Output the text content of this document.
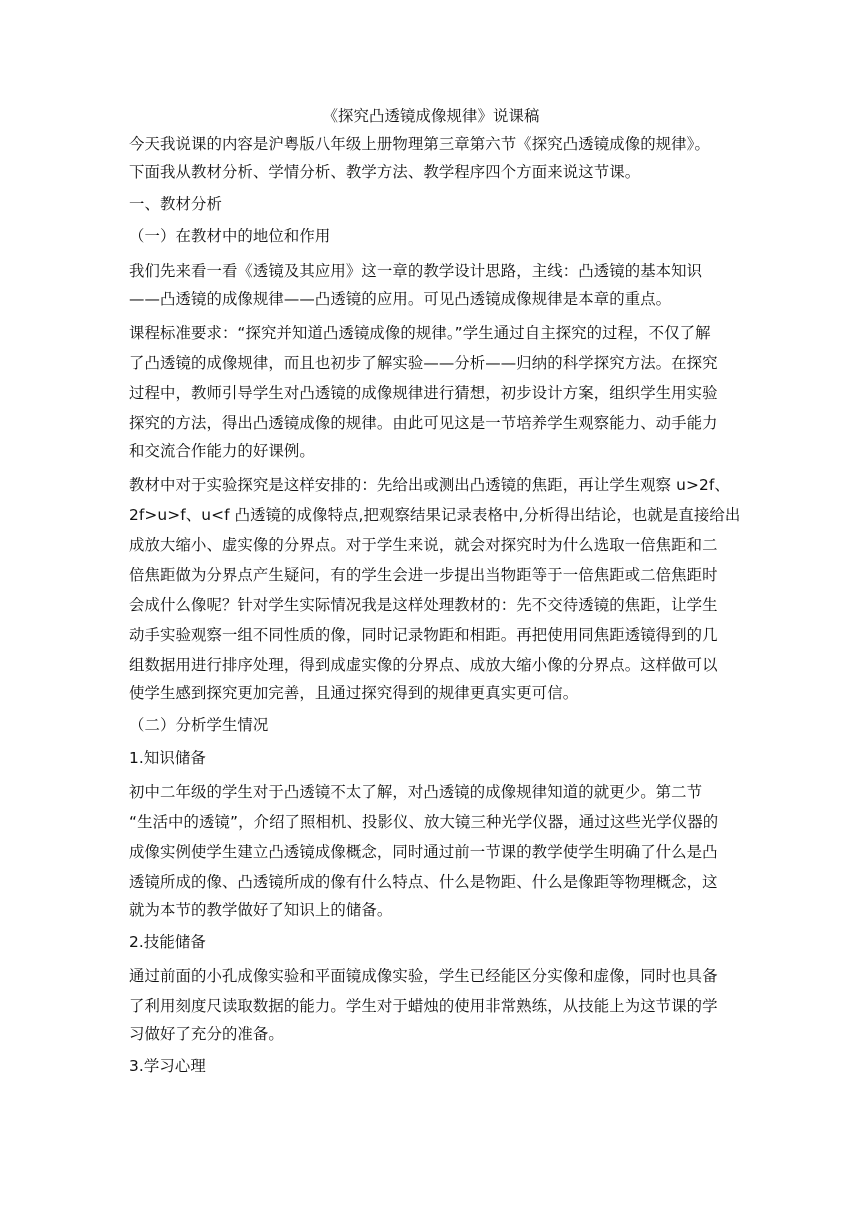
《探究凸透镜成像规律》说课稿
今天我说课的内容是沪粤版八年级上册物理第三章第六节《探究凸透镜成像的规律》。
下面我从教材分析、学情分析、教学方法、教学程序四个方面来说这节课。
一、教材分析
（一）在教材中的地位和作用
我们先来看一看《透镜及其应用》这一章的教学设计思路，主线：凸透镜的基本知识
——凸透镜的成像规律——凸透镜的应用。可见凸透镜成像规律是本章的重点。
课程标准要求：“探究并知道凸透镜成像的规律。”学生通过自主探究的过程，不仅了解
了凸透镜的成像规律，而且也初步了解实验——分析——归纳的科学探究方法。在探究
过程中，教师引导学生对凸透镜的成像规律进行猜想，初步设计方案，组织学生用实验
探究的方法，得出凸透镜成像的规律。由此可见这是一节培养学生观察能力、动手能力
和交流合作能力的好课例。
教材中对于实验探究是这样安排的：先给出或测出凸透镜的焦距，再让学生观察 u>2f、
2f>u>f、u<f 凸透镜的成像特点,把观察结果记录表格中,分析得出结论，也就是直接给出
成放大缩小、虚实像的分界点。对于学生来说，就会对探究时为什么选取一倍焦距和二
倍焦距做为分界点产生疑问，有的学生会进一步提出当物距等于一倍焦距或二倍焦距时
会成什么像呢？针对学生实际情况我是这样处理教材的：先不交待透镜的焦距，让学生
动手实验观察一组不同性质的像，同时记录物距和相距。再把使用同焦距透镜得到的几
组数据用进行排序处理，得到成虚实像的分界点、成放大缩小像的分界点。这样做可以
使学生感到探究更加完善，且通过探究得到的规律更真实更可信。
（二）分析学生情况
1.知识储备
初中二年级的学生对于凸透镜不太了解，对凸透镜的成像规律知道的就更少。第二节
“生活中的透镜”，介绍了照相机、投影仪、放大镜三种光学仪器，通过这些光学仪器的
成像实例使学生建立凸透镜成像概念，同时通过前一节课的教学使学生明确了什么是凸
透镜所成的像、凸透镜所成的像有什么特点、什么是物距、什么是像距等物理概念，这
就为本节的教学做好了知识上的储备。
2.技能储备
通过前面的小孔成像实验和平面镜成像实验，学生已经能区分实像和虚像，同时也具备
了利用刻度尺读取数据的能力。学生对于蜡烛的使用非常熟练，从技能上为这节课的学
习做好了充分的准备。
3.学习心理
